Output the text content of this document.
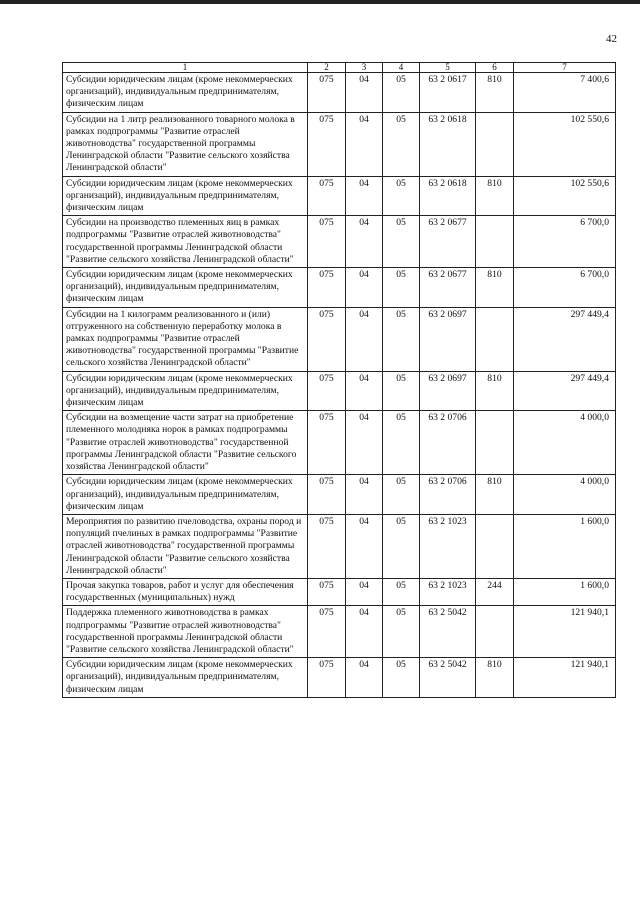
42
1	2	3	4	5	6	7
Субсидии юридическим лицам (кроме некоммерческих организаций), индивидуальным предпринимателям, физическим лицам	075	04	05	63 2 0617	810	7 400,6
Субсидии на 1 литр реализованного товарного молока в рамках подпрограммы "Развитие отраслей животноводства" государственной программы Ленинградской области "Развитие сельского хозяйства Ленинградской области"	075	04	05	63 2 0618		102 550,6
Субсидии юридическим лицам (кроме некоммерческих организаций), индивидуальным предпринимателям, физическим лицам	075	04	05	63 2 0618	810	102 550,6
Субсидии на производство племенных яиц в рамках подпрограммы "Развитие отраслей животноводства" государственной программы Ленинградской области "Развитие сельского хозяйства Ленинградской области"	075	04	05	63 2 0677		6 700,0
Субсидии юридическим лицам (кроме некоммерческих организаций), индивидуальным предпринимателям, физическим лицам	075	04	05	63 2 0677	810	6 700,0
Субсидии на 1 килограмм реализованного и (или) отгруженного на собственную переработку молока в рамках подпрограммы "Развитие отраслей животноводства" государственной программы "Развитие сельского хозяйства Ленинградской области"	075	04	05	63 2 0697		297 449,4
Субсидии юридическим лицам (кроме некоммерческих организаций), индивидуальным предпринимателям, физическим лицам	075	04	05	63 2 0697	810	297 449,4
Субсидии на возмещение части затрат на приобретение племенного молодняка норок в рамках подпрограммы "Развитие отраслей животноводства" государственной программы Ленинградской области "Развитие сельского хозяйства Ленинградской области"	075	04	05	63 2 0706		4 000,0
Субсидии юридическим лицам (кроме некоммерческих организаций), индивидуальным предпринимателям, физическим лицам	075	04	05	63 2 0706	810	4 000,0
Мероприятия по развитию пчеловодства, охраны пород и популяций пчелиных в рамках подпрограммы "Развитие отраслей животноводства" государственной программы Ленинградской области "Развитие сельского хозяйства Ленинградской области"	075	04	05	63 2 1023		1 600,0
Прочая закупка товаров, работ и услуг для обеспечения государственных (муниципальных) нужд	075	04	05	63 2 1023	244	1 600,0
Поддержка племенного животноводства в рамках подпрограммы "Развитие отраслей животноводства" государственной программы Ленинградской области "Развитие сельского хозяйства Ленинградской области"	075	04	05	63 2 5042		121 940,1
Субсидии юридическим лицам (кроме некоммерческих организаций), индивидуальным предпринимателям, физическим лицам	075	04	05	63 2 5042	810	121 940,1
